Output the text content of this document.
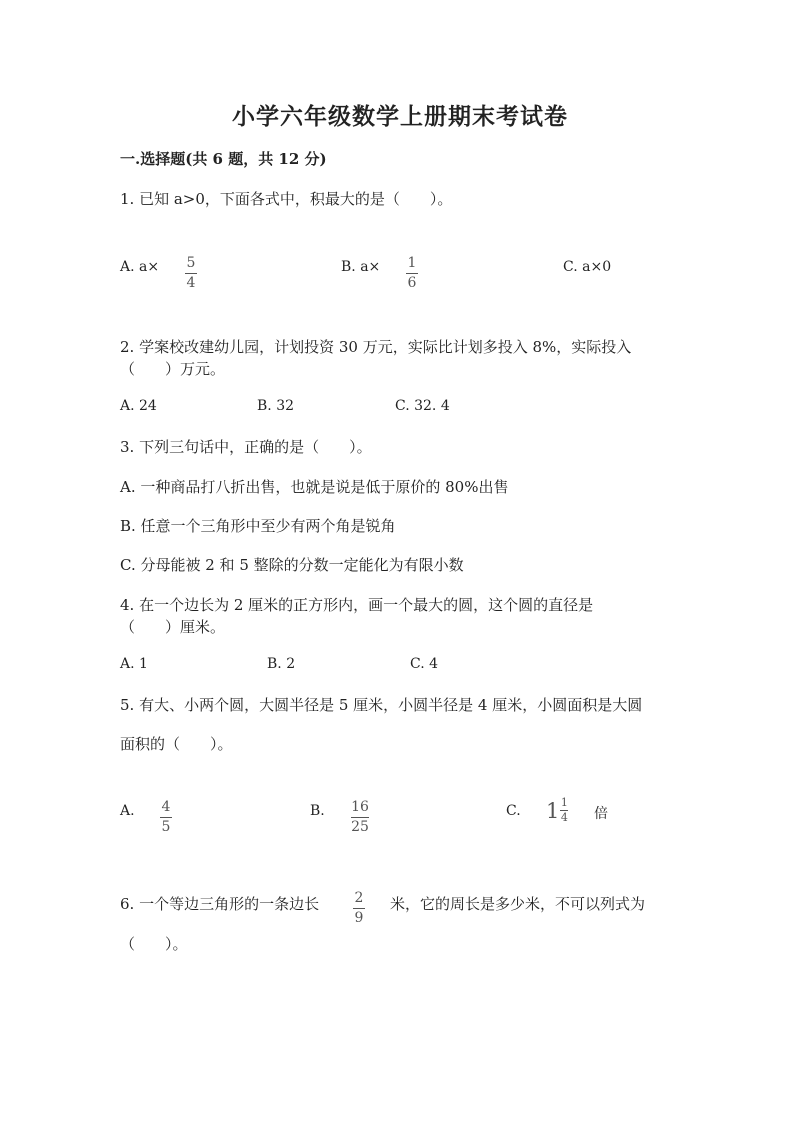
小学六年级数学上册期末考试卷
一.选择题(共 6 题，共 12 分)
1. 已知 a>0，下面各式中，积最大的是（　　）。
A. $a\times \frac{5}{4}$	B. $a\times \frac{1}{6}$	C. a×0
2. 学案校改建幼儿园，计划投资 30 万元，实际比计划多投入 8%，实际投入
（　　）万元。
A. 24	B. 32	C. 32. 4
3. 下列三句话中，正确的是（　　）。
A. 一种商品打八折出售，也就是说是低于原价的 80%出售
B. 任意一个三角形中至少有两个角是锐角
C. 分母能被 2 和 5 整除的分数一定能化为有限小数
4. 在一个边长为 2 厘米的正方形内，画一个最大的圆，这个圆的直径是
（　　）厘米。
A. 1	B. 2	C. 4
5. 有大、小两个圆，大圆半径是 5 厘米，小圆半径是 4 厘米，小圆面积是大圆
面积的（　　）。
A. $\frac{4}{5}$	B. $\frac{16}{25}$	C. $1 \frac{1}{4}$ 倍
6. 一个等边三角形的一条边长 $\frac{2}{9}$ 米，它的周长是多少米，不可以列式为
（　　）。
